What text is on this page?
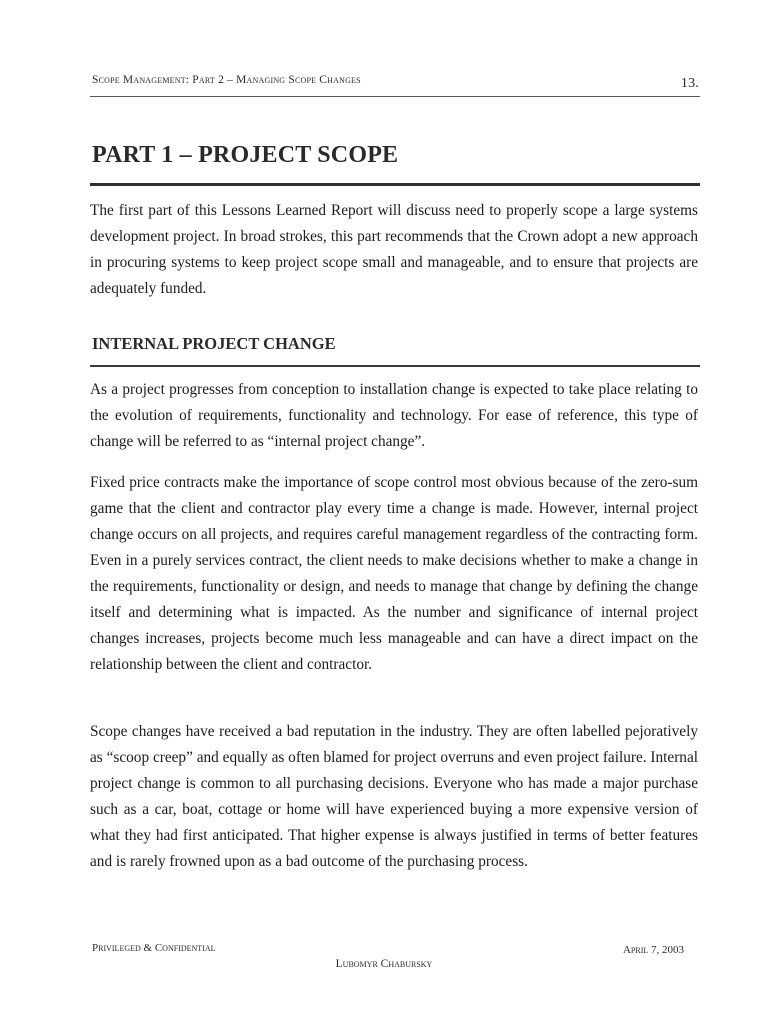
Scope Management: Part 2 – Managing Scope Changes	13.
PART 1 – PROJECT SCOPE
The first part of this Lessons Learned Report will discuss need to properly scope a large systems development project. In broad strokes, this part recommends that the Crown adopt a new approach in procuring systems to keep project scope small and manageable, and to ensure that projects are adequately funded.
INTERNAL PROJECT CHANGE
As a project progresses from conception to installation change is expected to take place relating to the evolution of requirements, functionality and technology. For ease of reference, this type of change will be referred to as “internal project change”.
Fixed price contracts make the importance of scope control most obvious because of the zero-sum game that the client and contractor play every time a change is made. However, internal project change occurs on all projects, and requires careful management regardless of the contracting form. Even in a purely services contract, the client needs to make decisions whether to make a change in the requirements, functionality or design, and needs to manage that change by defining the change itself and determining what is impacted. As the number and significance of internal project changes increases, projects become much less manageable and can have a direct impact on the relationship between the client and contractor.
Scope changes have received a bad reputation in the industry. They are often labelled pejoratively as “scoop creep” and equally as often blamed for project overruns and even project failure. Internal project change is common to all purchasing decisions. Everyone who has made a major purchase such as a car, boat, cottage or home will have experienced buying a more expensive version of what they had first anticipated. That higher expense is always justified in terms of better features and is rarely frowned upon as a bad outcome of the purchasing process.
Privileged & Confidential	April 7, 2003
Lubomyr Chabursky
